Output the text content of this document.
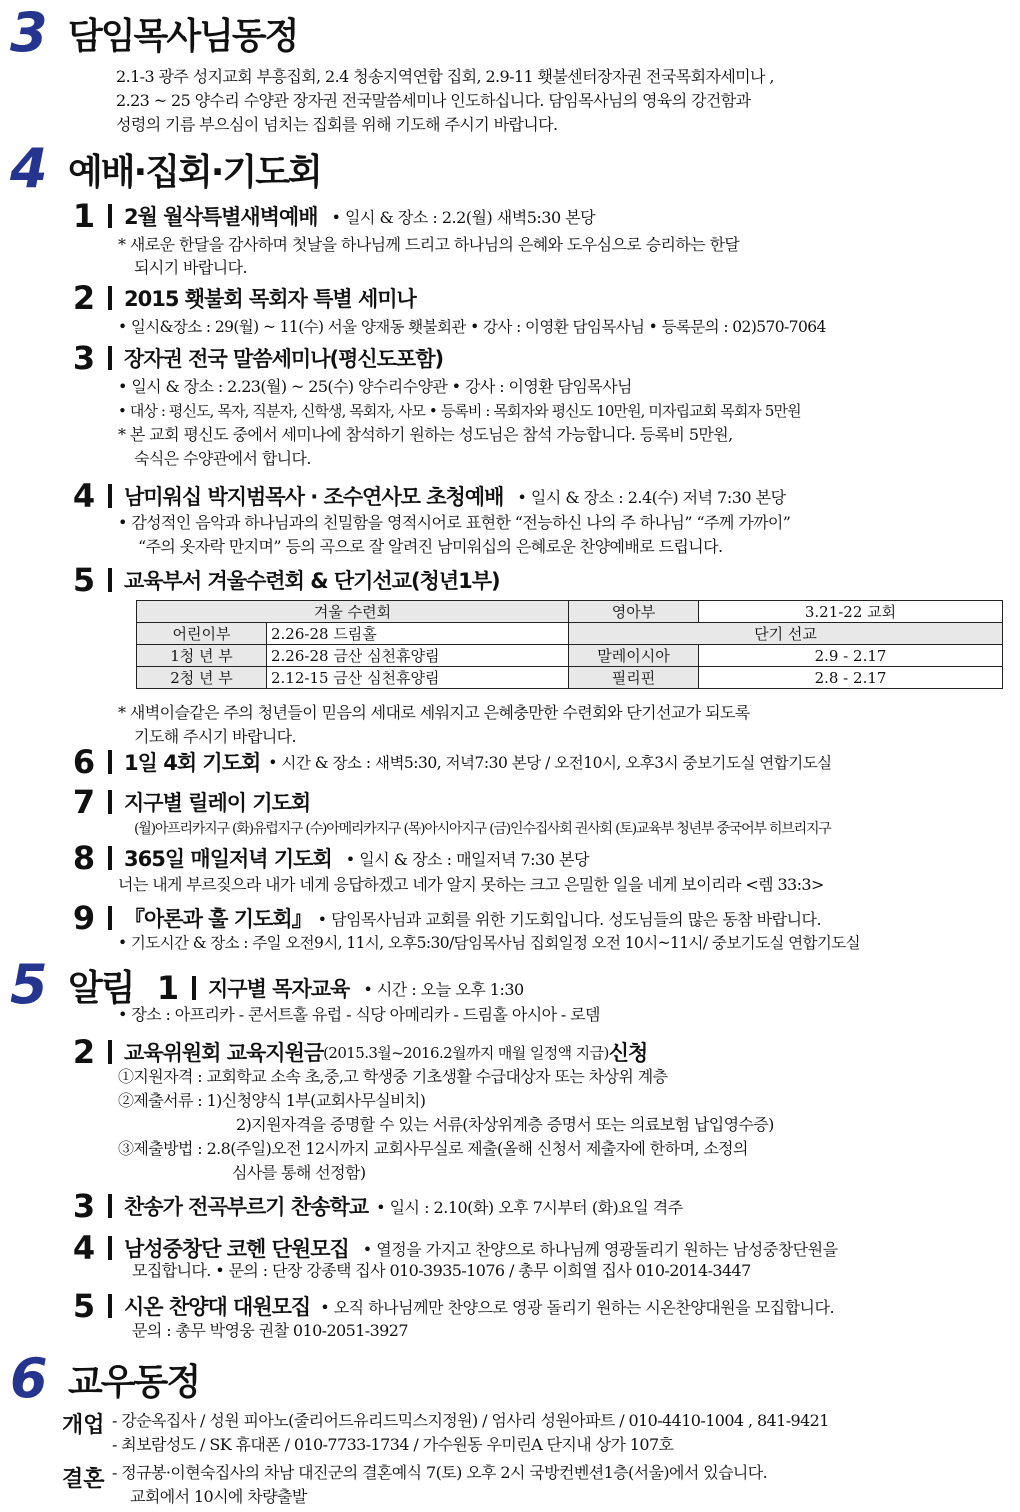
3 담임목사님동정
2.1-3 광주 성지교회 부흥집회, 2.4 청송지역연합 집회, 2.9-11 횃불센터장자권 전국목회자세미나 ,
2.23 ~ 25 양수리 수양관 장자권 전국말씀세미나 인도하십니다. 담임목사님의 영육의 강건함과
성령의 기름 부으심이 넘치는 집회를 위해 기도해 주시기 바랍니다.
4 예배·집회·기도회
1	2월 월삭특별새벽예배 • 일시 & 장소 : 2.2(월) 새벽5:30 본당
* 새로운 한달을 감사하며 첫날을 하나님께 드리고 하나님의 은혜와 도우심으로 승리하는 한달
되시기 바랍니다.
2	2015 횃불회 목회자 특별 세미나
• 일시&장소 : 29(월) ~ 11(수) 서울 양재동 횃불회관 • 강사 : 이영환 담임목사님 • 등록문의 : 02)570-7064
3	장자권 전국 말씀세미나(평신도포함)
• 일시 & 장소 : 2.23(월) ~ 25(수) 양수리수양관 • 강사 : 이영환 담임목사님
• 대상 : 평신도, 목자, 직분자, 신학생, 목회자, 사모 • 등록비 : 목회자와 평신도 10만원, 미자립교회 목회자 5만원
* 본 교회 평신도 중에서 세미나에 참석하기 원하는 성도님은 참석 가능합니다. 등록비 5만원,
숙식은 수양관에서 합니다.
4	남미워십 박지범목사 · 조수연사모 초청예배 • 일시 & 장소 : 2.4(수) 저녁 7:30 본당
• 감성적인 음악과 하나님과의 친밀함을 영적시어로 표현한 “전능하신 나의 주 하나님” “주께 가까이”
“주의 옷자락 만지며” 등의 곡으로 잘 알려진 남미워십의 은혜로운 찬양예배로 드립니다.
5	교육부서 겨울수련회 & 단기선교(청년1부)
겨울 수련회		영아부	3.21-22 교회
어린이부	2.26-28 드림홀	단기 선교	
1청 년 부	2.26-28 금산 심천휴양림	말레이시아	2.9 - 2.17
2청 년 부	2.12-15 금산 심천휴양림	필리핀	2.8 - 2.17
* 새벽이슬같은 주의 청년들이 믿음의 세대로 세워지고 은혜충만한 수련회와 단기선교가 되도록
기도해 주시기 바랍니다.
6	1일 4회 기도회 • 시간 & 장소 : 새벽5:30, 저녁7:30 본당 / 오전10시, 오후3시 중보기도실 연합기도실
7	지구별 릴레이 기도회
(월)아프리카지구 (화)유럽지구 (수)아메리카지구 (목)아시아지구 (금)인수집사회 권사회 (토)교육부 청년부 중국어부 히브리지구
8	365일 매일저녁 기도회 • 일시 & 장소 : 매일저녁 7:30 본당
너는 내게 부르짖으라 내가 네게 응답하겠고 네가 알지 못하는 크고 은밀한 일을 네게 보이리라 <렘 33:3>
9	『아론과 훌 기도회』 • 담임목사님과 교회를 위한 기도회입니다. 성도님들의 많은 동참 바랍니다.
• 기도시간 & 장소 : 주일 오전9시, 11시, 오후5:30/담임목사님 집회일정 오전 10시~11시/ 중보기도실 연합기도실
5 알림 1	지구별 목자교육 • 시간 : 오늘 오후 1:30
• 장소 : 아프리카 - 콘서트홀 유럽 - 식당 아메리카 - 드림홀 아시아 - 로뎀
2	교육위원회 교육지원금 (2015.3월~2016.2월까지 매월 일정액 지급) 신청
①지원자격 : 교회학교 소속 초,중,고 학생중 기초생활 수급대상자 또는 차상위 계층
②제출서류 : 1)신청양식 1부(교회사무실비치)
2)지원자격을 증명할 수 있는 서류(차상위계층 증명서 또는 의료보험 납입영수증)
③제출방법 : 2.8(주일)오전 12시까지 교회사무실로 제출(올해 신청서 제출자에 한하며, 소정의
심사를 통해 선정함)
3	찬송가 전곡부르기 찬송학교 • 일시 : 2.10(화) 오후 7시부터 (화)요일 격주
4	남성중창단 코헨 단원모집 • 열정을 가지고 찬양으로 하나님께 영광돌리기 원하는 남성중창단원을
모집합니다. • 문의 : 단장 강종택 집사 010-3935-1076 / 총무 이희열 집사 010-2014-3447
5	시온 찬양대 대원모집 • 오직 하나님께만 찬양으로 영광 돌리기 원하는 시온찬양대원을 모집합니다.
문의 : 총무 박영웅 권찰 010-2051-3927
6 교우동정
개업 - 강순옥집사 / 성원 피아노(줄리어드유리드믹스지정원) / 엄사리 성원아파트 / 010-4410-1004 , 841-9421
- 최보람성도 / SK 휴대폰 / 010-7733-1734 / 가수원동 우미린A 단지내 상가 107호
결혼 - 정규봉·이현숙집사의 차남 대진군의 결혼예식 7(토) 오후 2시 국방컨벤션1층(서울)에서 있습니다.
교회에서 10시에 차량출발
